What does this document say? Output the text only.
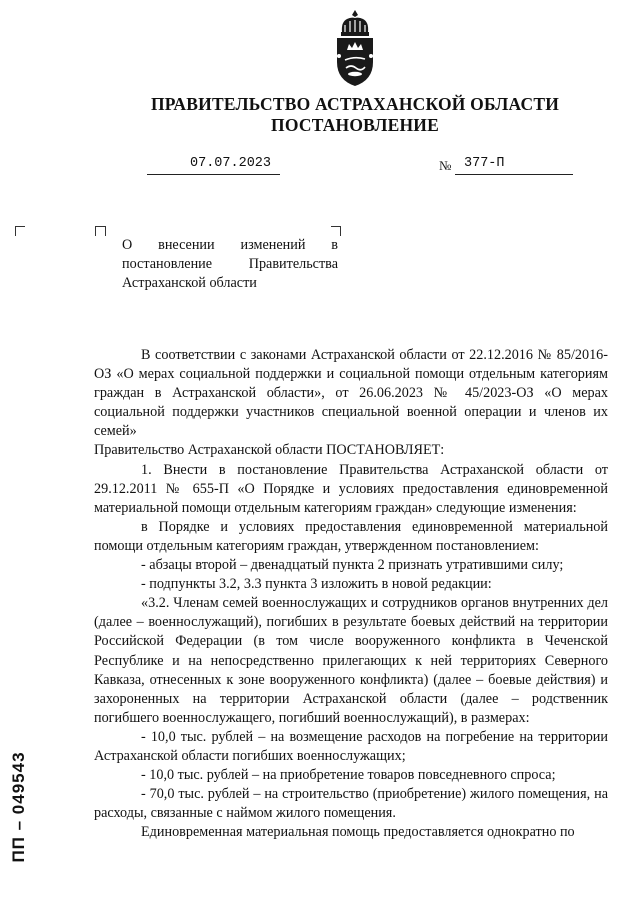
ПРАВИТЕЛЬСТВО АСТРАХАНСКОЙ ОБЛАСТИ
ПОСТАНОВЛЕНИЕ
07.07.2023	№ 377-П
О внесении изменений в постановление Правительства Астраханской области

В соответствии с законами Астраханской области от 22.12.2016 № 85/2016-ОЗ «О мерах социальной поддержки и социальной помощи отдельным категориям граждан в Астраханской области», от 26.06.2023 № 45/2023-ОЗ «О мерах социальной поддержки участников специальной военной операции и членов их семей»

Правительство Астраханской области ПОСТАНОВЛЯЕТ:

1. Внести в постановление Правительства Астраханской области от 29.12.2011 № 655-П «О Порядке и условиях предоставления единовременной материальной помощи отдельным категориям граждан» следующие изменения:

в Порядке и условиях предоставления единовременной материальной помощи отдельным категориям граждан, утвержденном постановлением:

- абзацы второй – двенадцатый пункта 2 признать утратившими силу;

- подпункты 3.2, 3.3 пункта 3 изложить в новой редакции:

«3.2. Членам семей военнослужащих и сотрудников органов внутренних дел (далее – военнослужащий), погибших в результате боевых действий на территории Российской Федерации (в том числе вооруженного конфликта в Чеченской Республике и на непосредственно прилегающих к ней территориях Северного Кавказа, отнесенных к зоне вооруженного конфликта) (далее – боевые действия) и захороненных на территории Астраханской области (далее – родственник погибшего военнослужащего, погибший военнослужащий), в размерах:

- 10,0 тыс. рублей – на возмещение расходов на погребение на территории Астраханской области погибших военнослужащих;

- 10,0 тыс. рублей – на приобретение товаров повседневного спроса;

- 70,0 тыс. рублей – на строительство (приобретение) жилого помещения, на расходы, связанные с наймом жилого помещения.

Единовременная материальная помощь предоставляется однократно по

ПП – 049543
